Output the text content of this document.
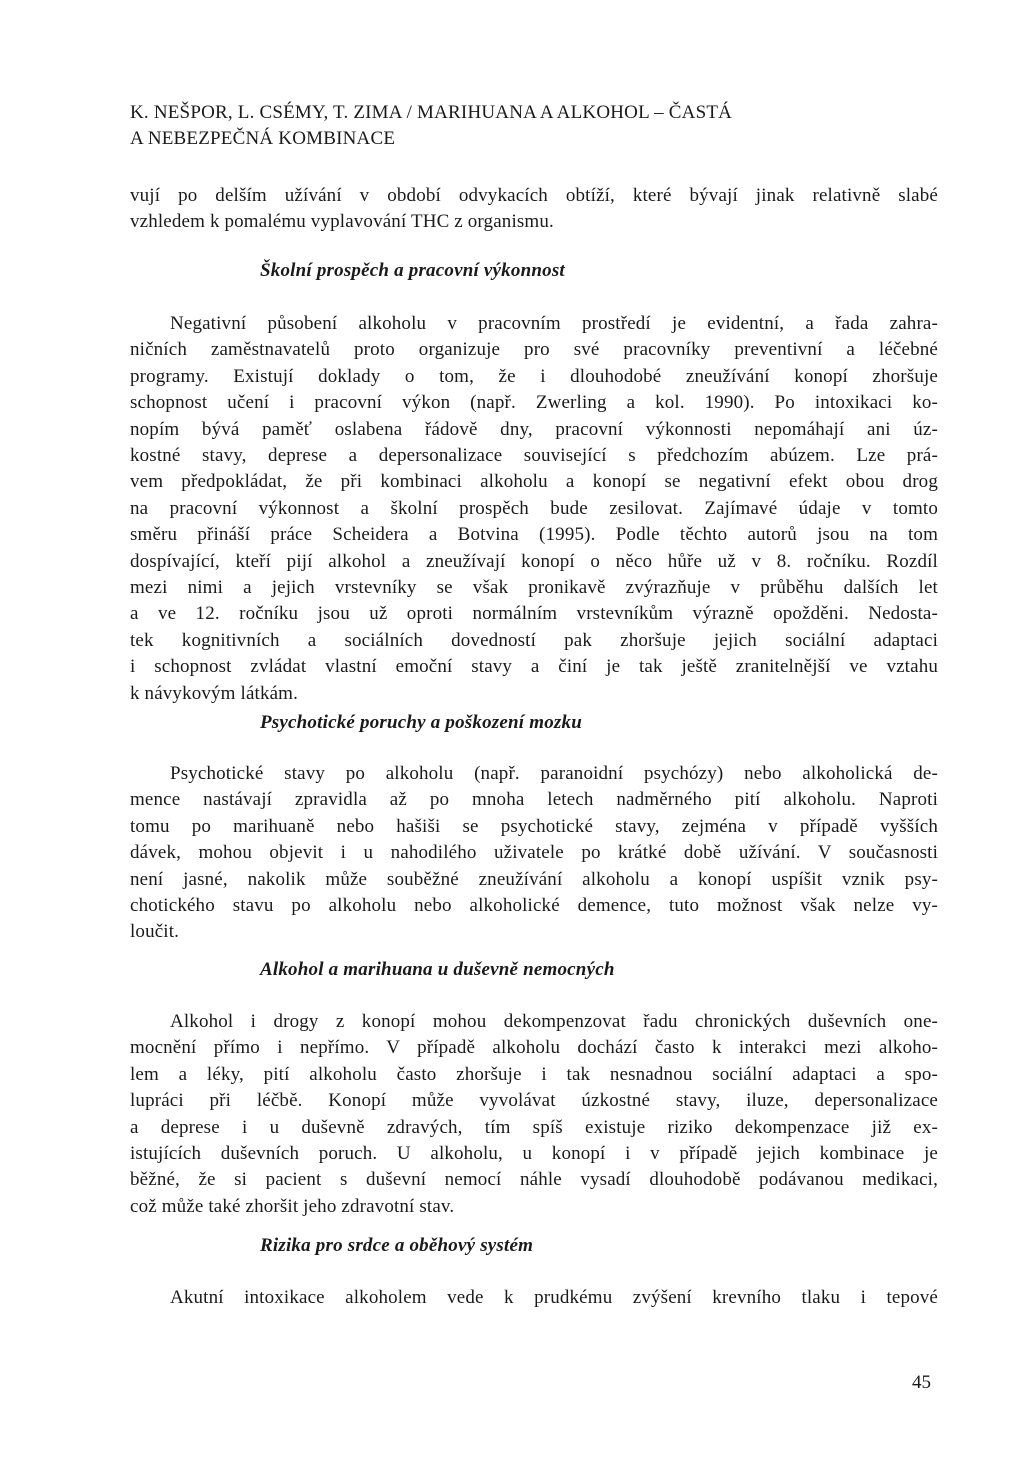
K. NEŠPOR, L. CSÉMY, T. ZIMA / MARIHUANA A ALKOHOL – ČASTÁ
A NEBEZPEČNÁ KOMBINACE

vují po delším užívání v období odvykacích obtíží, které bývají jinak relativně slabé
vzhledem k pomalému vyplavování THC z organismu.

Školní prospěch a pracovní výkonnost

Negativní působení alkoholu v pracovním prostředí je evidentní, a řada zahra-
ničních zaměstnavatelů proto organizuje pro své pracovníky preventivní a léčebné
programy. Existují doklady o tom, že i dlouhodobé zneužívání konopí zhoršuje
schopnost učení i pracovní výkon (např. Zwerling a kol. 1990). Po intoxikaci ko-
nopím bývá paměť oslabena řádově dny, pracovní výkonnosti nepomáhají ani úz-
kostné stavy, deprese a depersonalizace související s předchozím abúzem. Lze prá-
vem předpokládat, že při kombinaci alkoholu a konopí se negativní efekt obou drog
na pracovní výkonnost a školní prospěch bude zesilovat. Zajímavé údaje v tomto
směru přináší práce Scheidera a Botvina (1995). Podle těchto autorů jsou na tom
dospívající, kteří pijí alkohol a zneužívají konopí o něco hůře už v 8. ročníku. Rozdíl
mezi nimi a jejich vrstevníky se však pronikavě zvýrazňuje v průběhu dalších let
a ve 12. ročníku jsou už oproti normálním vrstevníkům výrazně opožděni. Nedosta-
tek kognitivních a sociálních dovedností pak zhoršuje jejich sociální adaptaci
i schopnost zvládat vlastní emoční stavy a činí je tak ještě zranitelnější ve vztahu
k návykovým látkám.

Psychotické poruchy a poškození mozku

Psychotické stavy po alkoholu (např. paranoidní psychózy) nebo alkoholická de-
mence nastávají zpravidla až po mnoha letech nadměrného pití alkoholu. Naproti
tomu po marihuaně nebo hašiši se psychotické stavy, zejména v případě vyšších
dávek, mohou objevit i u nahodilého uživatele po krátké době užívání. V současnosti
není jasné, nakolik může souběžné zneužívání alkoholu a konopí uspíšit vznik psy-
chotického stavu po alkoholu nebo alkoholické demence, tuto možnost však nelze vy-
loučit.

Alkohol a marihuana u duševně nemocných

Alkohol i drogy z konopí mohou dekompenzovat řadu chronických duševních one-
mocnění přímo i nepřímo. V případě alkoholu dochází často k interakci mezi alkoho-
lem a léky, pití alkoholu často zhoršuje i tak nesnadnou sociální adaptaci a spo-
lupráci při léčbě. Konopí může vyvolávat úzkostné stavy, iluze, depersonalizace
a deprese i u duševně zdravých, tím spíš existuje riziko dekompenzace již ex-
istujících duševních poruch. U alkoholu, u konopí i v případě jejich kombinace je
běžné, že si pacient s duševní nemocí náhle vysadí dlouhodobě podávanou medikaci,
což může také zhoršit jeho zdravotní stav.

Rizika pro srdce a oběhový systém

Akutní intoxikace alkoholem vede k prudkému zvýšení krevního tlaku i tepové

45
